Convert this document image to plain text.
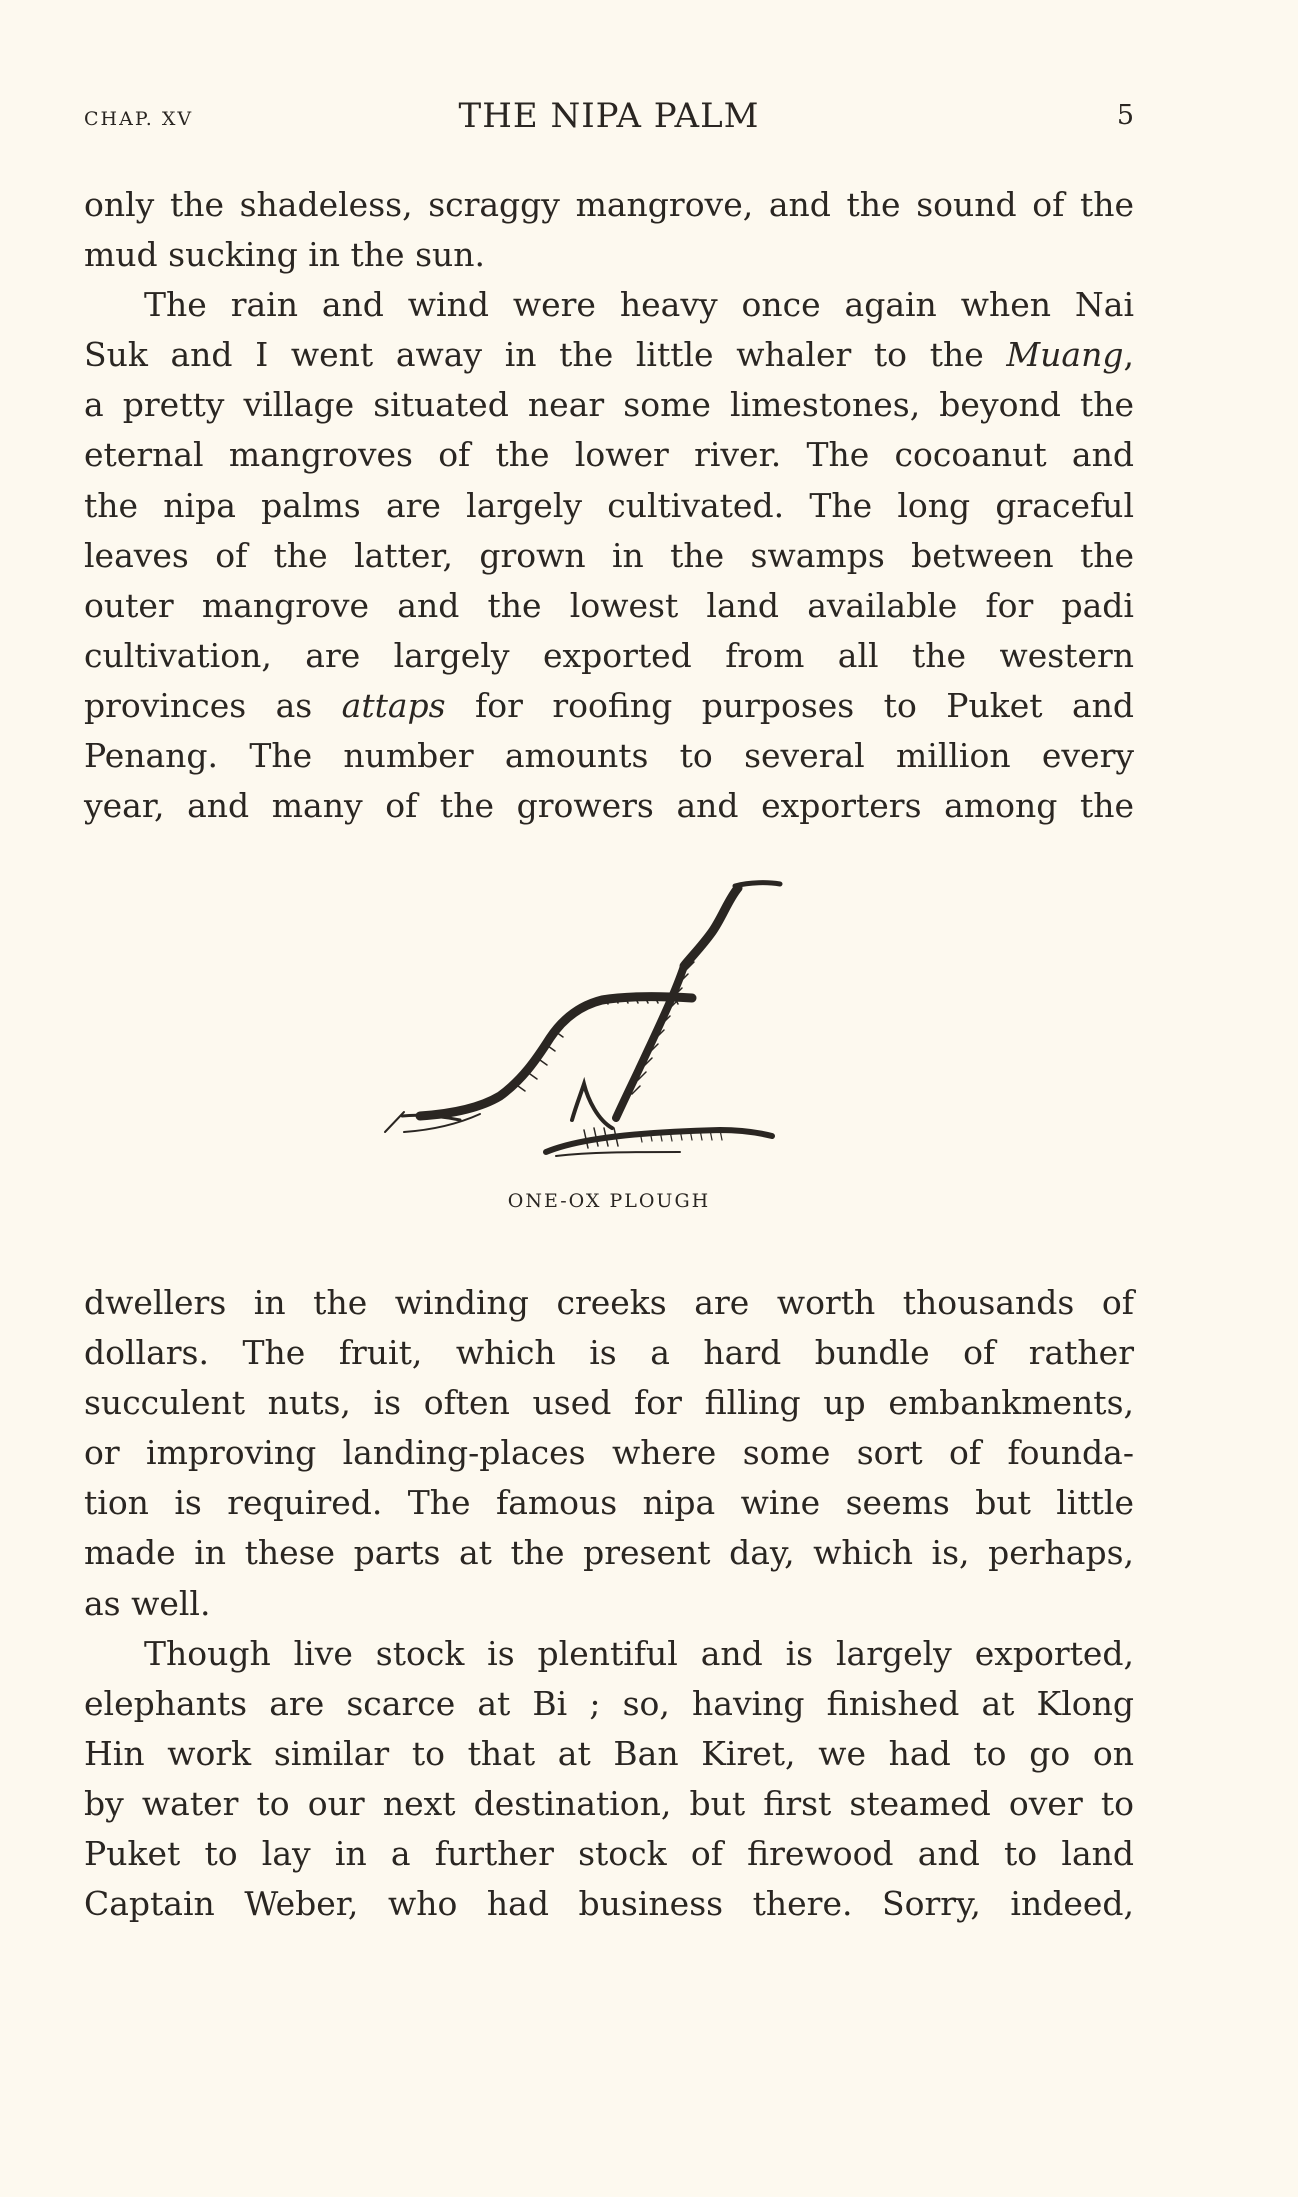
CHAP. XV	THE NIPA PALM	5
only the shadeless, scraggy mangrove, and the sound of the
mud sucking in the sun.
The rain and wind were heavy once again when Nai
Suk and I went away in the little whaler to the Muang,
a pretty village situated near some limestones, beyond the
eternal mangroves of the lower river. The cocoanut and
the nipa palms are largely cultivated. The long graceful
leaves of the latter, grown in the swamps between the
outer mangrove and the lowest land available for padi
cultivation, are largely exported from all the western
provinces as attaps for roofing purposes to Puket and
Penang. The number amounts to several million every
year, and many of the growers and exporters among the
ONE-OX PLOUGH
dwellers in the winding creeks are worth thousands of
dollars. The fruit, which is a hard bundle of rather
succulent nuts, is often used for filling up embankments,
or improving landing-places where some sort of founda-
tion is required. The famous nipa wine seems but little
made in these parts at the present day, which is, perhaps,
as well.
Though live stock is plentiful and is largely exported,
elephants are scarce at Bi ; so, having finished at Klong
Hin work similar to that at Ban Kiret, we had to go on
by water to our next destination, but first steamed over to
Puket to lay in a further stock of firewood and to land
Captain Weber, who had business there. Sorry, indeed,
